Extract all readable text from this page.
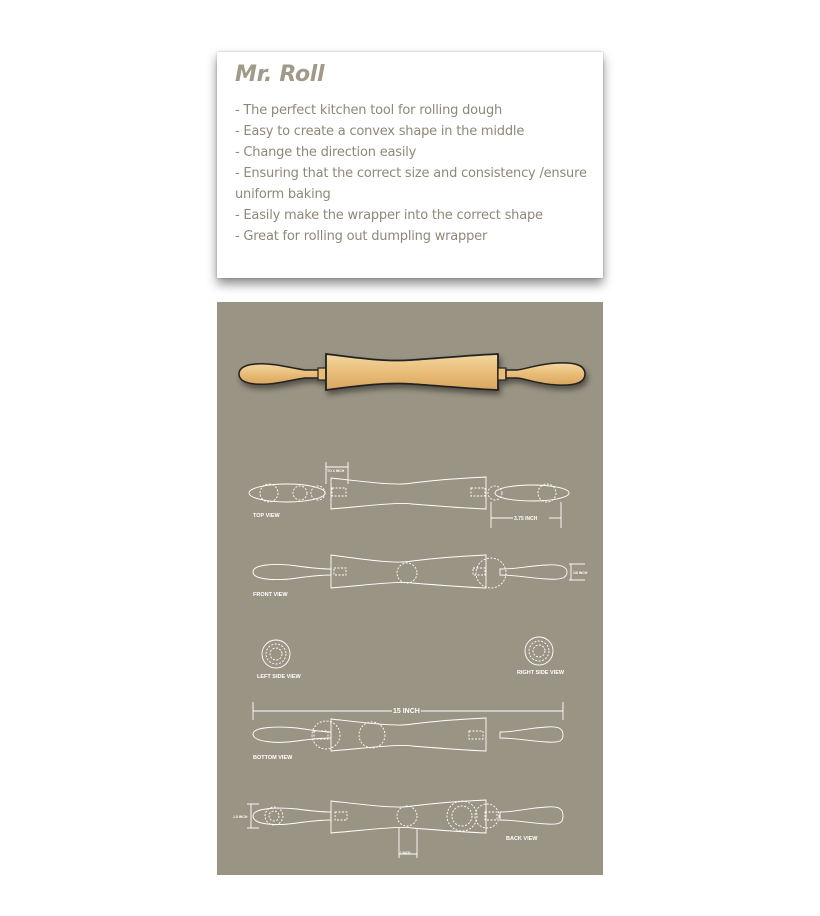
Mr. Roll
- The perfect kitchen tool for rolling dough
- Easy to create a convex shape in the middle
- Change the direction easily
- Ensuring that the correct size and consistency /ensure uniform baking
- Easily make the wrapper into the correct shape
- Great for rolling out dumpling wrapper
TOP VIEW
TO 4 INCH
3.75 INCH
FRONT VIEW
1/8 INCH
LEFT SIDE VIEW
RIGHT SIDE VIEW
15 INCH
BOTTOM VIEW
1.5 INCH
1 INCH
BACK VIEW
